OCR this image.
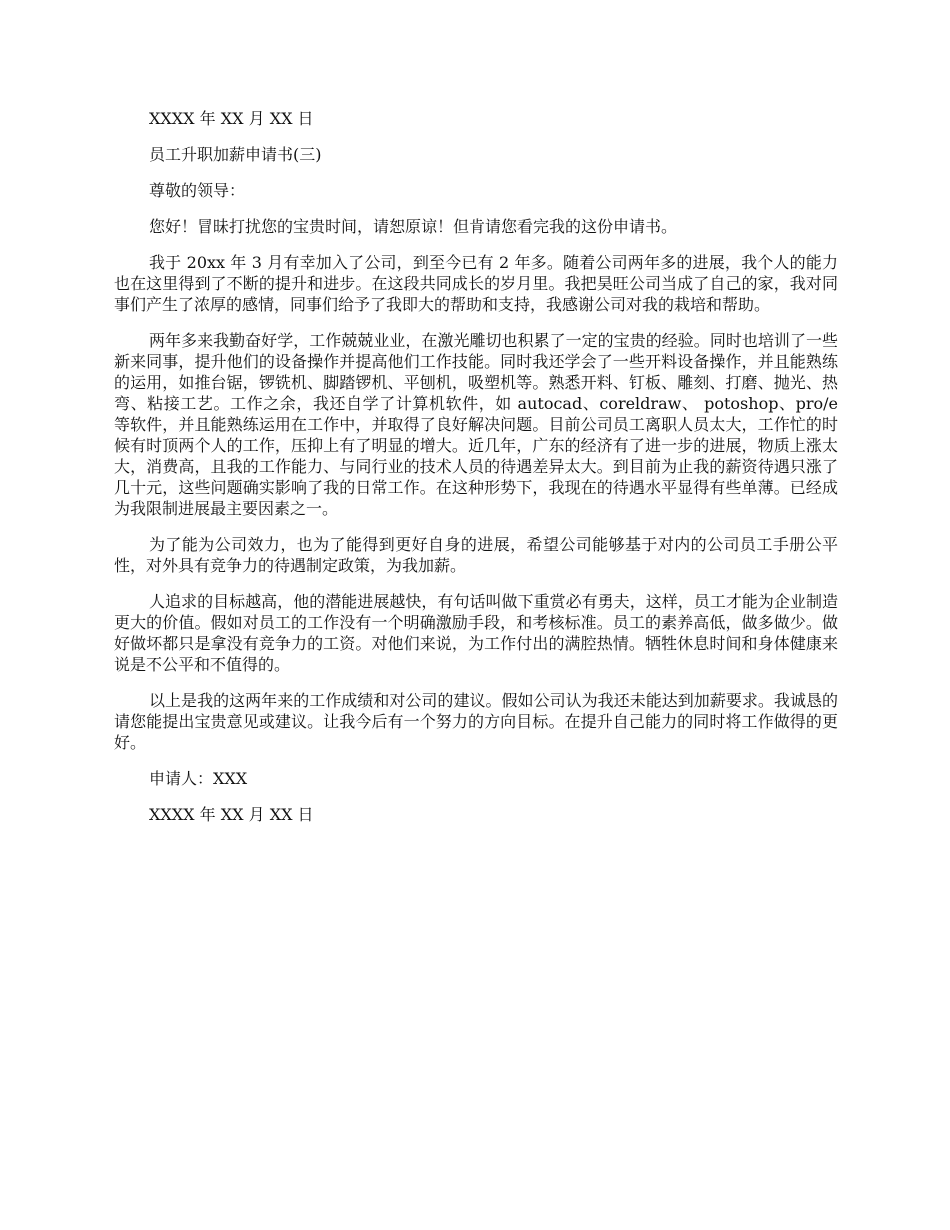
XXXX 年 XX 月 XX 日

员工升职加薪申请书(三)

尊敬的领导：

您好！冒昧打扰您的宝贵时间，请恕原谅！但肯请您看完我的这份申请书。

我于 20xx 年 3 月有幸加入了公司，到至今已有 2 年多。随着公司两年多的进展，我个人的能力也在这里得到了不断的提升和进步。在这段共同成长的岁月里。我把昊旺公司当成了自己的家，我对同事们产生了浓厚的感情，同事们给予了我即大的帮助和支持，我感谢公司对我的栽培和帮助。

两年多来我勤奋好学，工作兢兢业业，在激光雕切也积累了一定的宝贵的经验。同时也培训了一些新来同事，提升他们的设备操作并提高他们工作技能。同时我还学会了一些开料设备操作，并且能熟练的运用，如推台锯，锣铣机、脚踏锣机、平刨机，吸塑机等。熟悉开料、钉板、雕刻、打磨、抛光、热弯、粘接工艺。工作之余，我还自学了计算机软件，如 autocad、coreldraw、 potoshop、pro/e 等软件，并且能熟练运用在工作中，并取得了良好解决问题。目前公司员工离职人员太大，工作忙的时候有时顶两个人的工作，压抑上有了明显的增大。近几年，广东的经济有了进一步的进展，物质上涨太大，消费高，且我的工作能力、与同行业的技术人员的待遇差异太大。到目前为止我的薪资待遇只涨了几十元，这些问题确实影响了我的日常工作。在这种形势下，我现在的待遇水平显得有些单薄。已经成为我限制进展最主要因素之一。

为了能为公司效力，也为了能得到更好自身的进展，希望公司能够基于对内的公司员工手册公平性，对外具有竞争力的待遇制定政策，为我加薪。

人追求的目标越高，他的潜能进展越快，有句话叫做下重赏必有勇夫，这样，员工才能为企业制造更大的价值。假如对员工的工作没有一个明确激励手段，和考核标准。员工的素养高低，做多做少。做好做坏都只是拿没有竞争力的工资。对他们来说，为工作付出的满腔热情。牺牲休息时间和身体健康来说是不公平和不值得的。

以上是我的这两年来的工作成绩和对公司的建议。假如公司认为我还未能达到加薪要求。我诚恳的请您能提出宝贵意见或建议。让我今后有一个努力的方向目标。在提升自己能力的同时将工作做得的更好。

申请人：XXX

XXXX 年 XX 月 XX 日
